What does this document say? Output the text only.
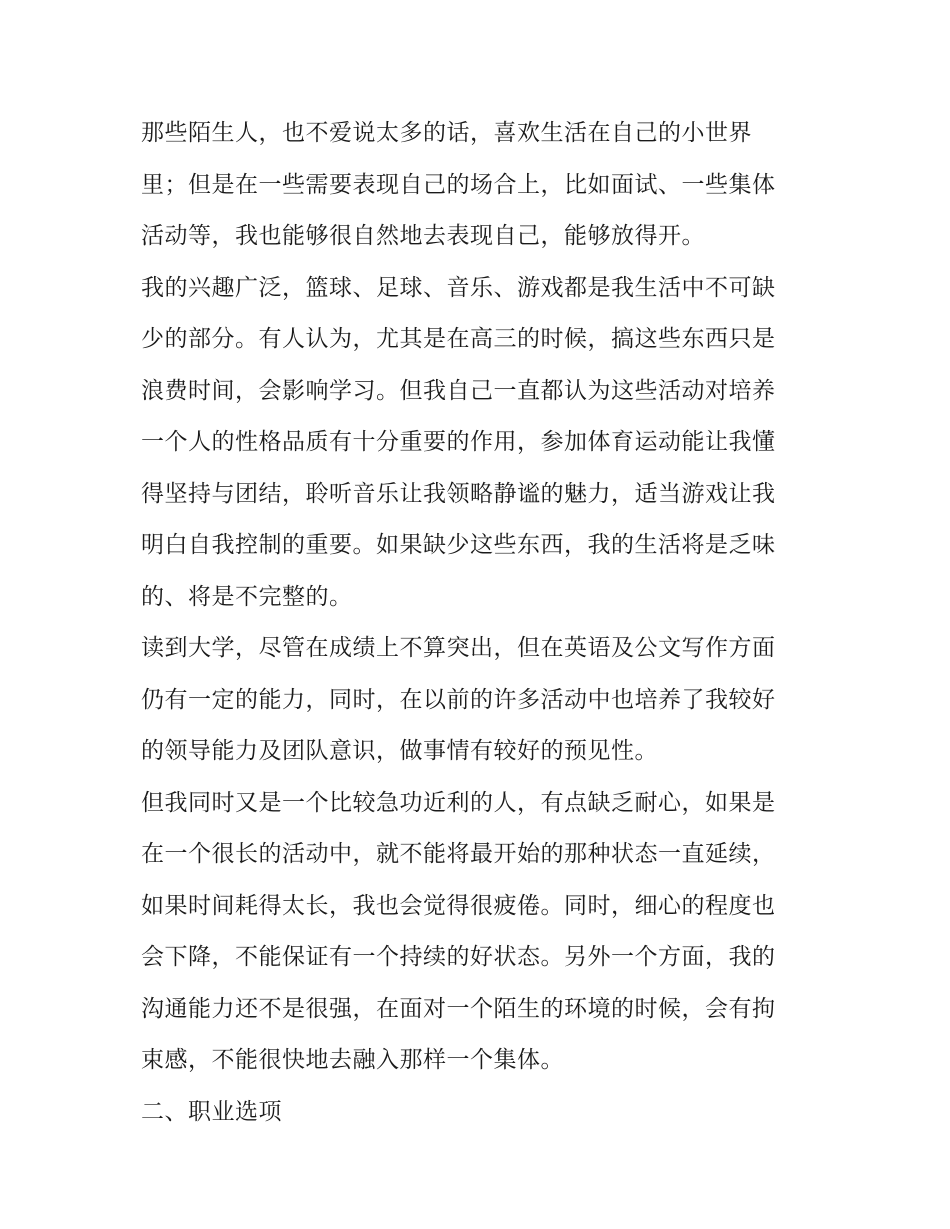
那些陌生人，也不爱说太多的话，喜欢生活在自己的小世界
里；但是在一些需要表现自己的场合上，比如面试、一些集体
活动等，我也能够很自然地去表现自己，能够放得开。
我的兴趣广泛，篮球、足球、音乐、游戏都是我生活中不可缺
少的部分。有人认为，尤其是在高三的时候，搞这些东西只是
浪费时间，会影响学习。但我自己一直都认为这些活动对培养
一个人的性格品质有十分重要的作用，参加体育运动能让我懂
得坚持与团结，聆听音乐让我领略静谧的魅力，适当游戏让我
明白自我控制的重要。如果缺少这些东西，我的生活将是乏味
的、将是不完整的。
读到大学，尽管在成绩上不算突出，但在英语及公文写作方面
仍有一定的能力，同时，在以前的许多活动中也培养了我较好
的领导能力及团队意识，做事情有较好的预见性。
但我同时又是一个比较急功近利的人，有点缺乏耐心，如果是
在一个很长的活动中，就不能将最开始的那种状态一直延续，
如果时间耗得太长，我也会觉得很疲倦。同时，细心的程度也
会下降，不能保证有一个持续的好状态。另外一个方面，我的
沟通能力还不是很强，在面对一个陌生的环境的时候，会有拘
束感，不能很快地去融入那样一个集体。
二、职业选项
